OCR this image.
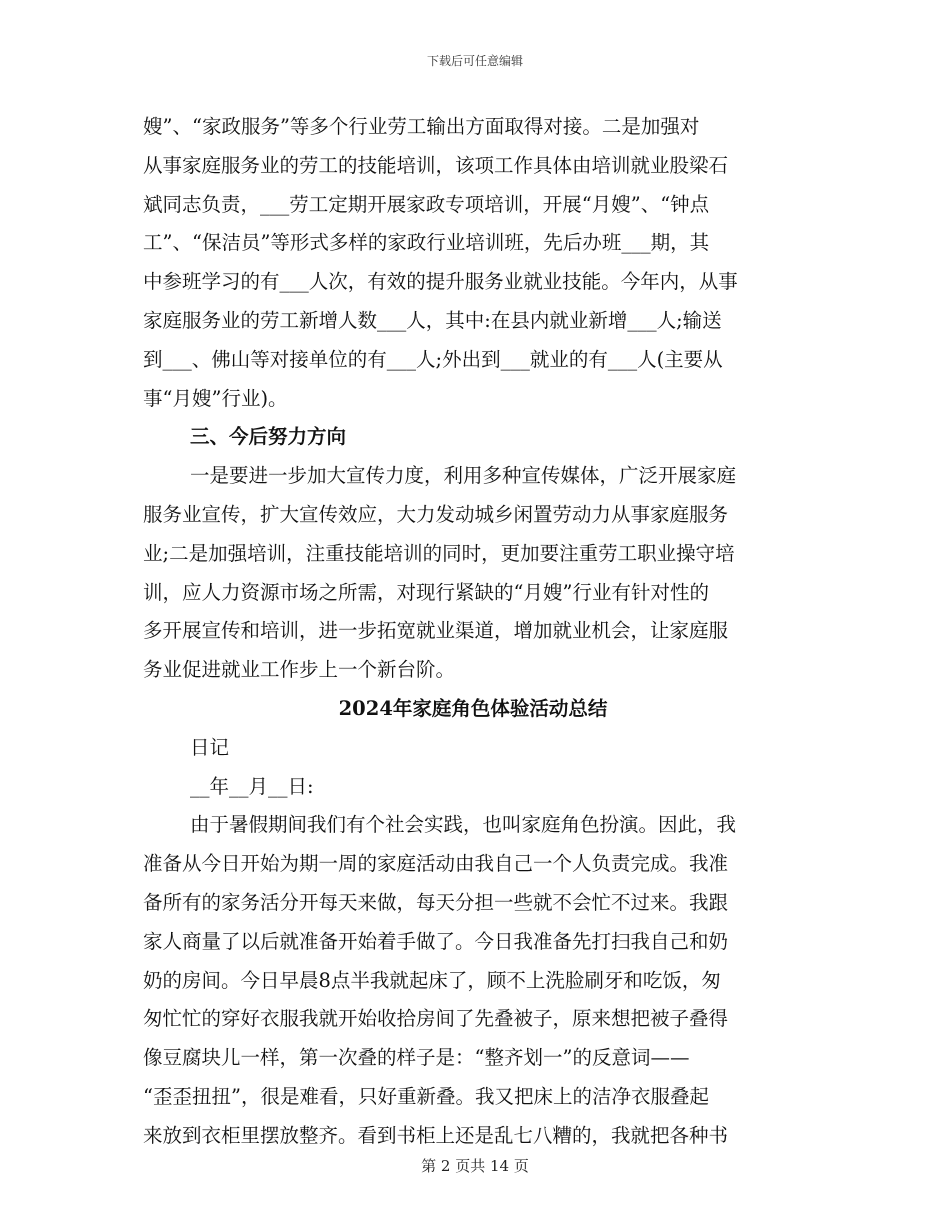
下载后可任意编辑
嫂”、“家政服务”等多个行业劳工输出方面取得对接。二是加强对
从事家庭服务业的劳工的技能培训，该项工作具体由培训就业股梁石
斌同志负责，___劳工定期开展家政专项培训，开展“月嫂”、“钟点
工”、“保洁员”等形式多样的家政行业培训班，先后办班___期，其
中参班学习的有___人次，有效的提升服务业就业技能。今年内，从事
家庭服务业的劳工新增人数___人，其中:在县内就业新增___人;输送
到___、佛山等对接单位的有___人;外出到___就业的有___人(主要从
事“月嫂”行业)。
三、今后努力方向
一是要进一步加大宣传力度，利用多种宣传媒体，广泛开展家庭
服务业宣传，扩大宣传效应，大力发动城乡闲置劳动力从事家庭服务
业;二是加强培训，注重技能培训的同时，更加要注重劳工职业操守培
训，应人力资源市场之所需，对现行紧缺的“月嫂”行业有针对性的
多开展宣传和培训，进一步拓宽就业渠道，增加就业机会，让家庭服
务业促进就业工作步上一个新台阶。
2024年家庭角色体验活动总结
日记
__年__月__日:
由于暑假期间我们有个社会实践，也叫家庭角色扮演。因此，我
准备从今日开始为期一周的家庭活动由我自己一个人负责完成。我准
备所有的家务活分开每天来做，每天分担一些就不会忙不过来。我跟
家人商量了以后就准备开始着手做了。今日我准备先打扫我自己和奶
奶的房间。今日早晨8点半我就起床了，顾不上洗脸刷牙和吃饭，匆
匆忙忙的穿好衣服我就开始收拾房间了先叠被子，原来想把被子叠得
像豆腐块儿一样，第一次叠的样子是：“整齐划一”的反意词——
“歪歪扭扭”，很是难看，只好重新叠。我又把床上的洁净衣服叠起
来放到衣柜里摆放整齐。看到书柜上还是乱七八糟的，我就把各种书
第 2 页共 14 页
